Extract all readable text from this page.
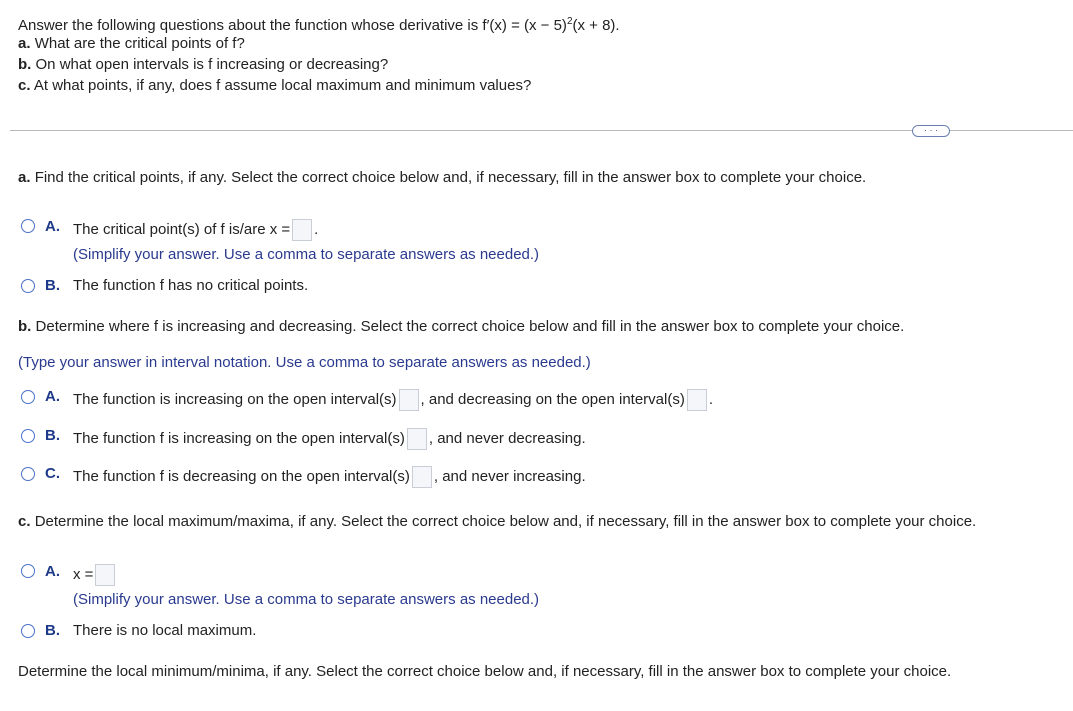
Answer the following questions about the function whose derivative is $f'(x) = (x - 5)^2(x + 8)$.
a. What are the critical points of f?
b. On what open intervals is f increasing or decreasing?
c. At what points, if any, does f assume local maximum and minimum values?
· · ·
a. Find the critical points, if any. Select the correct choice below and, if necessary, fill in the answer box to complete your choice.
A. The critical point(s) of f is/are x = .
(Simplify your answer. Use a comma to separate answers as needed.)
B. The function f has no critical points.
b. Determine where f is increasing and decreasing. Select the correct choice below and fill in the answer box to complete your choice.
(Type your answer in interval notation. Use a comma to separate answers as needed.)
A. The function is increasing on the open interval(s) , and decreasing on the open interval(s) .
B. The function f is increasing on the open interval(s) , and never decreasing.
C. The function f is decreasing on the open interval(s) , and never increasing.
c. Determine the local maximum/maxima, if any. Select the correct choice below and, if necessary, fill in the answer box to complete your choice.
A. x =
(Simplify your answer. Use a comma to separate answers as needed.)
B. There is no local maximum.
Determine the local minimum/minima, if any. Select the correct choice below and, if necessary, fill in the answer box to complete your choice.
